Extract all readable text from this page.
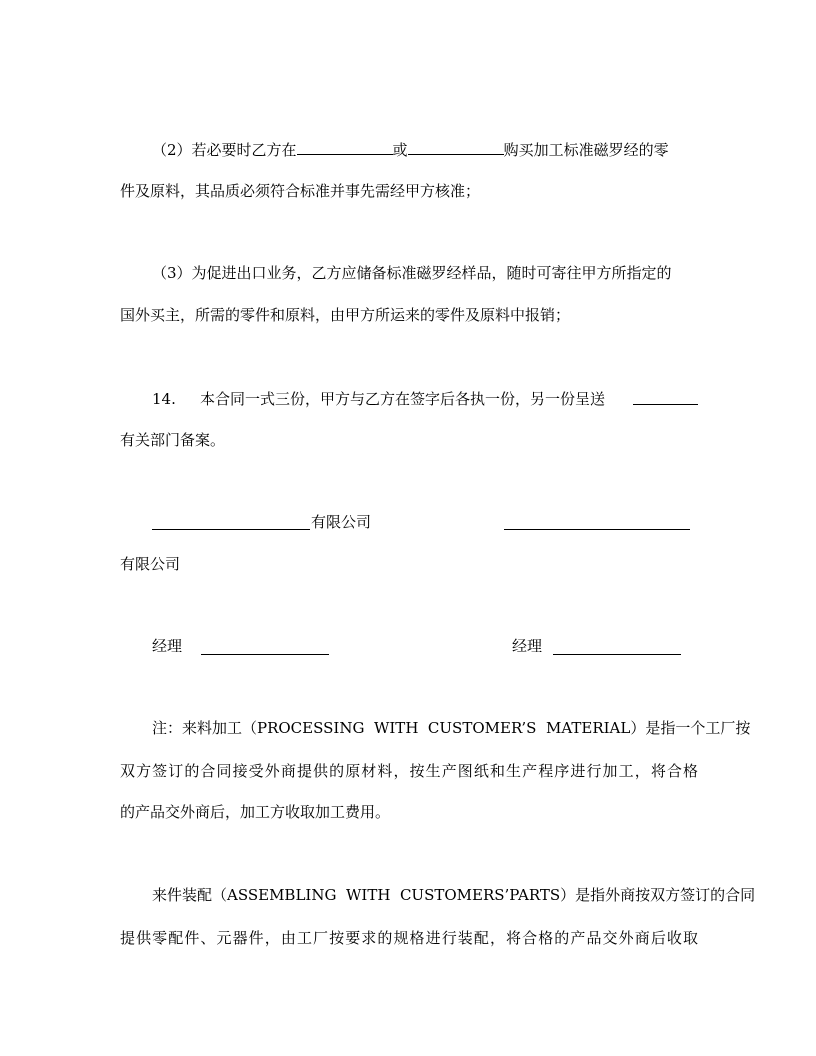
（2）若必要时乙方在	或	购买加工标准磁罗经的零
件及原料，其品质必须符合标准并事先需经甲方核准；
（3）为促进出口业务，乙方应储备标准磁罗经样品，随时可寄往甲方所指定的
国外买主，所需的零件和原料，由甲方所运来的零件及原料中报销；
14. 本合同一式三份，甲方与乙方在签字后各执一份，另一份呈送
有关部门备案。
有限公司
有限公司
经理	经理
注：来料加工（PROCESSING  WITH  CUSTOMER’S  MATERIAL）是指一个工厂按
双方签订的合同接受外商提供的原材料，按生产图纸和生产程序进行加工，将合格
的产品交外商后，加工方收取加工费用。
来件装配（ASSEMBLING  WITH  CUSTOMERS’PARTS）是指外商按双方签订的合同
提供零配件、元器件，由工厂按要求的规格进行装配，将合格的产品交外商后收取
